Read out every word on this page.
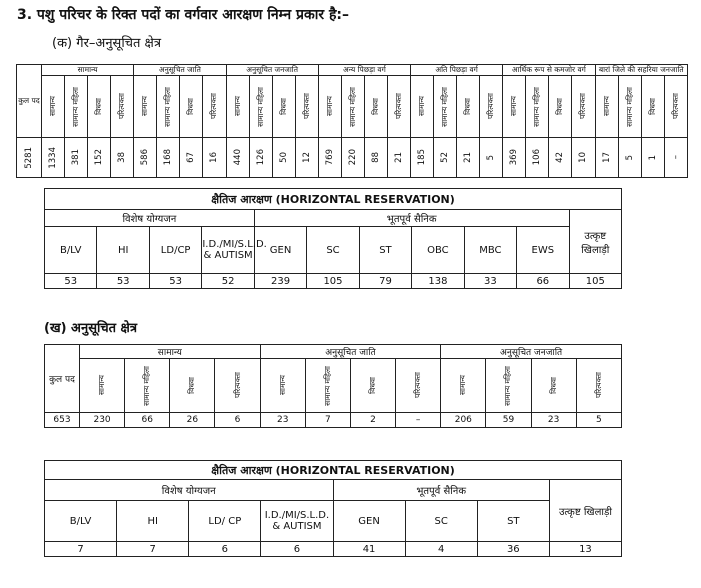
3. पशु परिचर के रिक्त पदों का वर्गवार आरक्षण निम्न प्रकार है:–
(क) गैर–अनुसूचित क्षेत्र
कुल पद	सामान्य				अनुसूचित जाति				अनुसूचित जनजाति				अन्य पिछड़ा वर्ग				अति पिछड़ा वर्ग				आर्थिक रूप से कमजोर वर्ग				बारां जिले की सहरिया जनजाति			

	सामान्य	सामान्य महिला	विधवा	परित्यक्ता	सामान्य	सामान्य महिला	विधवा	परित्यक्ता	सामान्य	सामान्य महिला	विधवा	परित्यक्ता	सामान्य	सामान्य महिला	विधवा	परित्यक्ता	सामान्य	सामान्य महिला	विधवा	परित्यक्ता	सामान्य	सामान्य महिला	विधवा	परित्यक्ता	सामान्य	सामान्य महिला	विधवा	परित्यक्ता

5281	1334	381	152	38	586	168	67	16	440	126	50	12	769	220	88	21	185	52	21	5	369	106	42	10	17	5	1	–
क्षैतिज आरक्षण (HORIZONTAL RESERVATION)										
विशेष योग्यजन				भूतपूर्व सैनिक						उत्कृष्ट खिलाड़ी
B/LV	HI	LD/CP	I.D./MI/S.L.D. & AUTISM	GEN	SC	ST	OBC	MBC	EWS	
53	53	53	52	239	105	79	138	33	66	105
(ख) अनुसूचित क्षेत्र
कुल पद	सामान्य				अनुसूचित जाति				अनुसूचित जनजाति			

	सामान्य	सामान्य महिला	विधवा	परित्यक्ता	सामान्य	सामान्य महिला	विधवा	परित्यक्ता	सामान्य	सामान्य महिला	विधवा	परित्यक्ता

653	230	66	26	6	23	7	2	–	206	59	23	5
क्षैतिज आरक्षण (HORIZONTAL RESERVATION)							
विशेष योग्यजन				भूतपूर्व सैनिक			उत्कृष्ट खिलाड़ी
B/LV	HI	LD/ CP	I.D./MI/S.L.D. & AUTISM	GEN	SC	ST	
7	7	6	6	41	4	36	13
